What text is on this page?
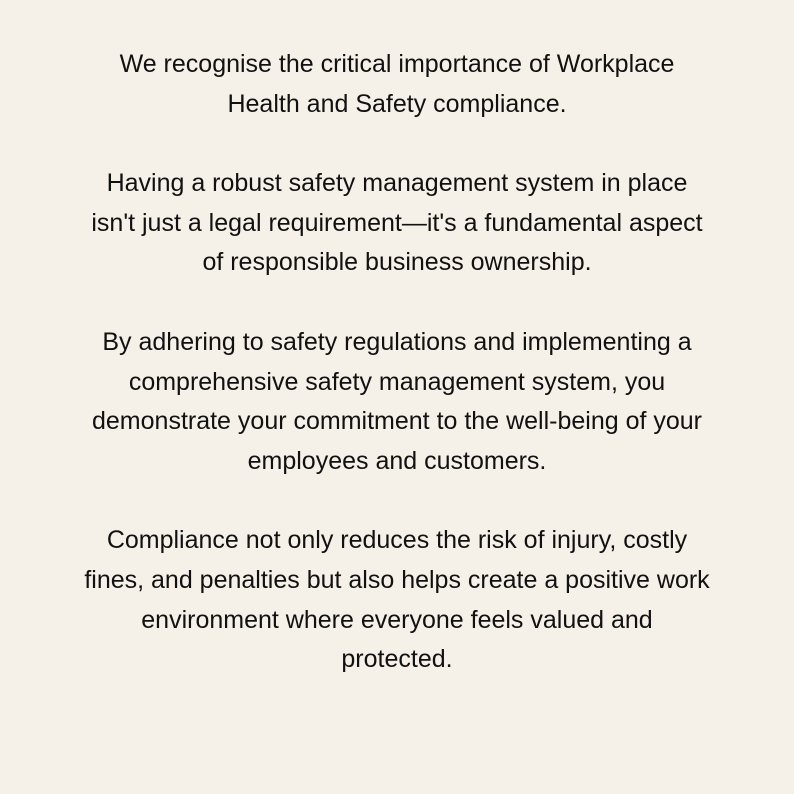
We recognise the critical importance of Workplace
Health and Safety compliance.

Having a robust safety management system in place
isn't just a legal requirement—it's a fundamental aspect
of responsible business ownership.

By adhering to safety regulations and implementing a
comprehensive safety management system, you
demonstrate your commitment to the well-being of your
employees and customers.

Compliance not only reduces the risk of injury, costly
fines, and penalties but also helps create a positive work
environment where everyone feels valued and
protected.
